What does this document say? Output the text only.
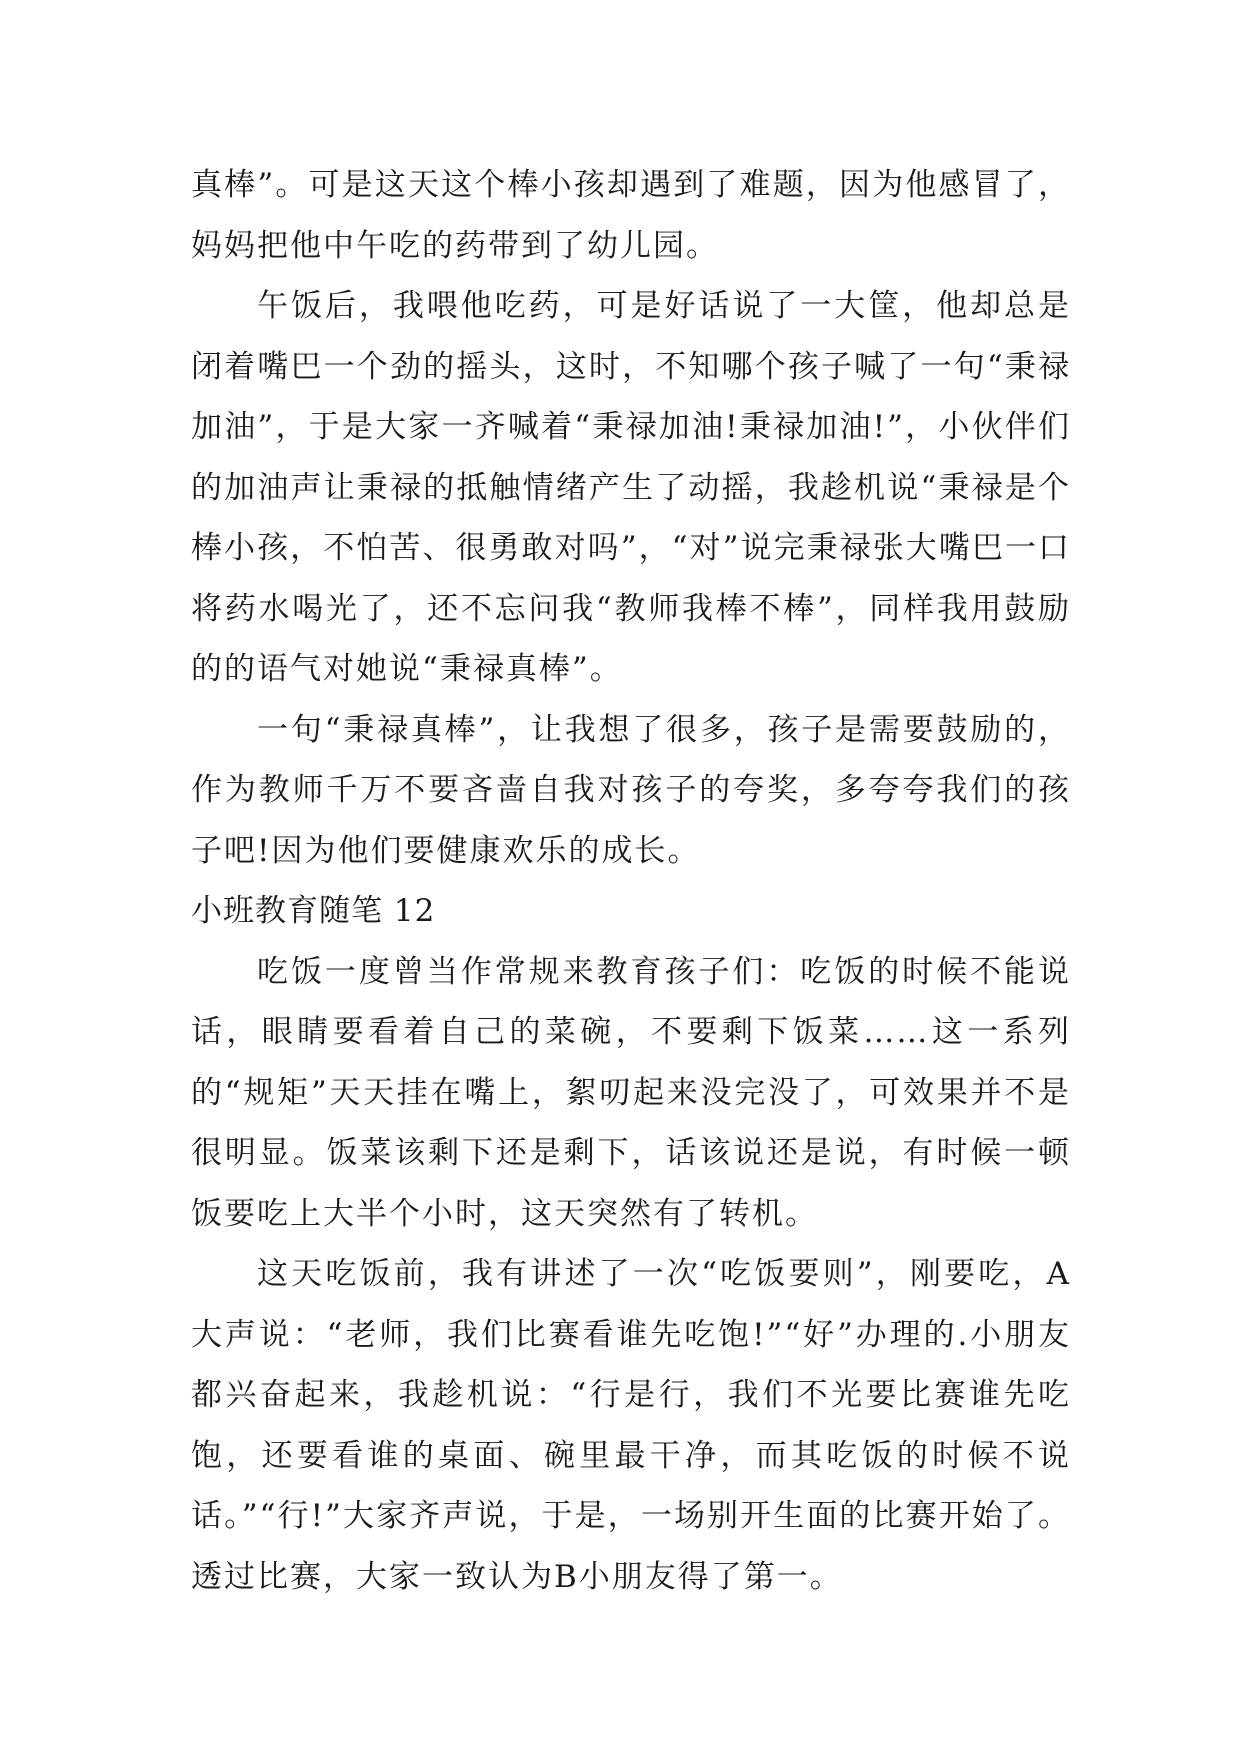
真棒”。可是这天这个棒小孩却遇到了难题，因为他感冒了，妈妈把他中午吃的药带到了幼儿园。

午饭后，我喂他吃药，可是好话说了一大筐，他却总是闭着嘴巴一个劲的摇头，这时，不知哪个孩子喊了一句“秉禄加油”，于是大家一齐喊着“秉禄加油!秉禄加油!”，小伙伴们的加油声让秉禄的抵触情绪产生了动摇，我趁机说“秉禄是个棒小孩，不怕苦、很勇敢对吗”，“对”说完秉禄张大嘴巴一口将药水喝光了，还不忘问我“教师我棒不棒”，同样我用鼓励的的语气对她说“秉禄真棒”。

一句“秉禄真棒”，让我想了很多，孩子是需要鼓励的，作为教师千万不要吝啬自我对孩子的夸奖，多夸夸我们的孩子吧!因为他们要健康欢乐的成长。

小班教育随笔 12

吃饭一度曾当作常规来教育孩子们：吃饭的时候不能说话，眼睛要看着自己的菜碗，不要剩下饭菜……这一系列的“规矩”天天挂在嘴上，絮叨起来没完没了，可效果并不是很明显。饭菜该剩下还是剩下，话该说还是说，有时候一顿饭要吃上大半个小时，这天突然有了转机。

这天吃饭前，我有讲述了一次“吃饭要则”，刚要吃，A大声说：“老师，我们比赛看谁先吃饱!”“好”办理的.小朋友都兴奋起来，我趁机说：“行是行，我们不光要比赛谁先吃饱，还要看谁的桌面、碗里最干净，而其吃饭的时候不说话。”“行!”大家齐声说，于是，一场别开生面的比赛开始了。透过比赛，大家一致认为B小朋友得了第一。
